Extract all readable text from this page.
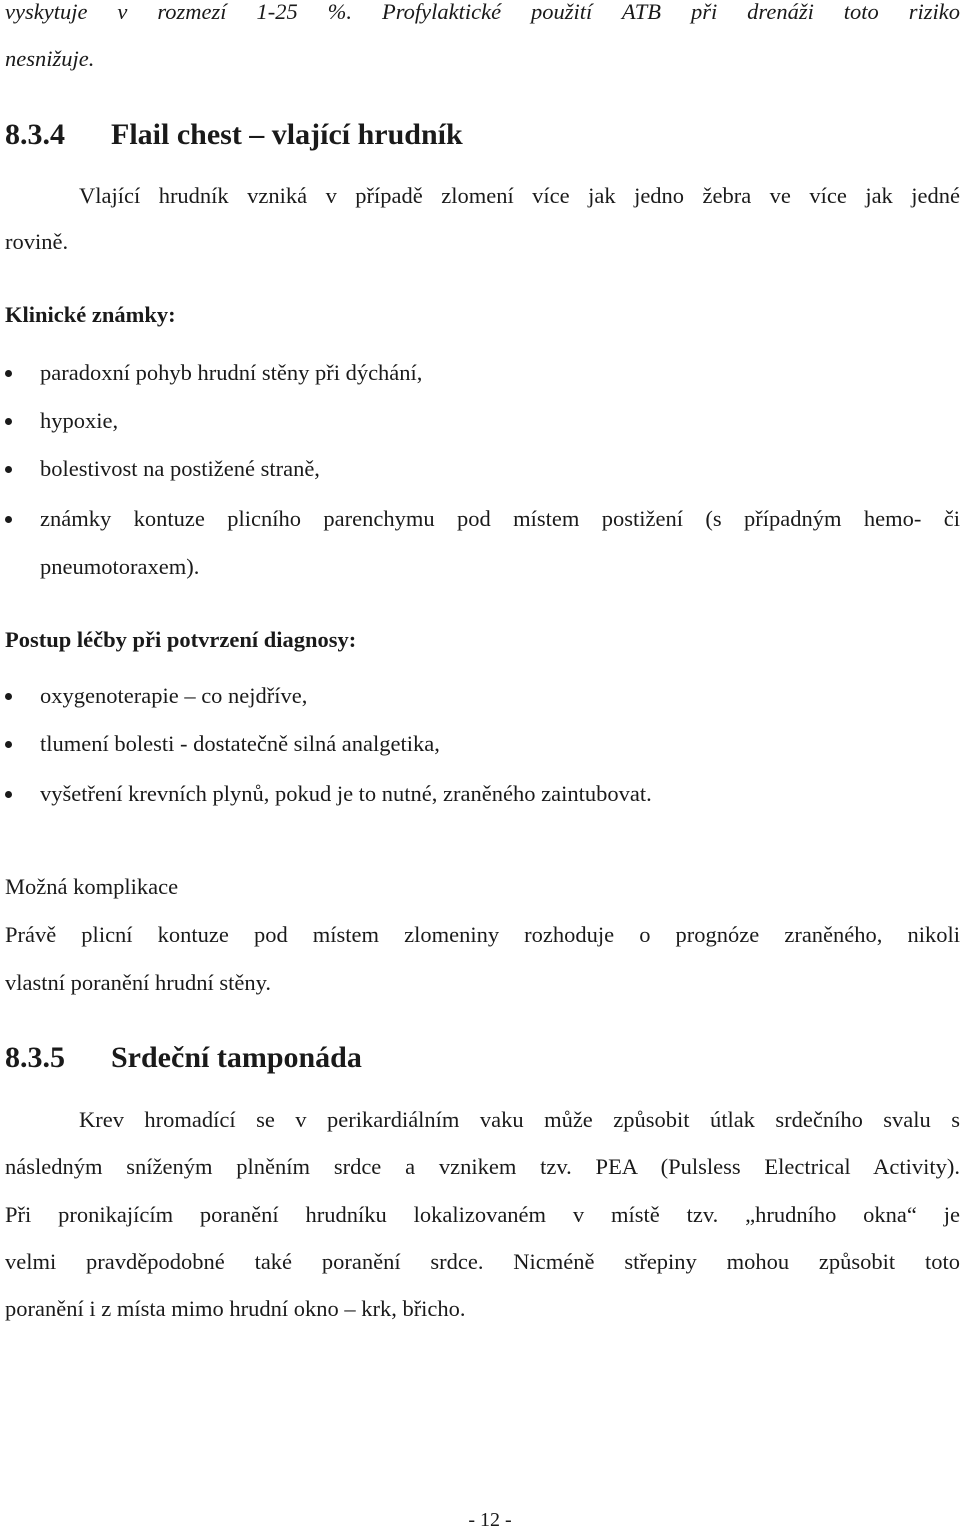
vyskytuje v rozmezí 1-25 %. Profylaktické použití ATB při drenáži toto riziko
nesnižuje.
8.3.4 Flail chest – vlající hrudník
Vlající hrudník vzniká v případě zlomení více jak jedno žebra ve více jak jedné
rovině.
Klinické známky:
paradoxní pohyb hrudní stěny při dýchání,
hypoxie,
bolestivost na postižené straně,
známky kontuze plicního parenchymu pod místem postižení (s případným hemo- či
pneumotoraxem).
Postup léčby při potvrzení diagnosy:
oxygenoterapie – co nejdříve,
tlumení bolesti - dostatečně silná analgetika,
vyšetření krevních plynů, pokud je to nutné, zraněného zaintubovat.
Možná komplikace
Právě plicní kontuze pod místem zlomeniny rozhoduje o prognóze zraněného, nikoli
vlastní poranění hrudní stěny.
8.3.5 Srdeční tamponáda
Krev hromadící se v perikardiálním vaku může způsobit útlak srdečního svalu s
následným sníženým plněním srdce a vznikem tzv. PEA (Pulsless Electrical Activity).
Při pronikajícím poranění hrudníku lokalizovaném v místě tzv. „hrudního okna“ je
velmi pravděpodobné také poranění srdce. Nicméně střepiny mohou způsobit toto
poranění i z místa mimo hrudní okno – krk, břicho.
- 12 -
